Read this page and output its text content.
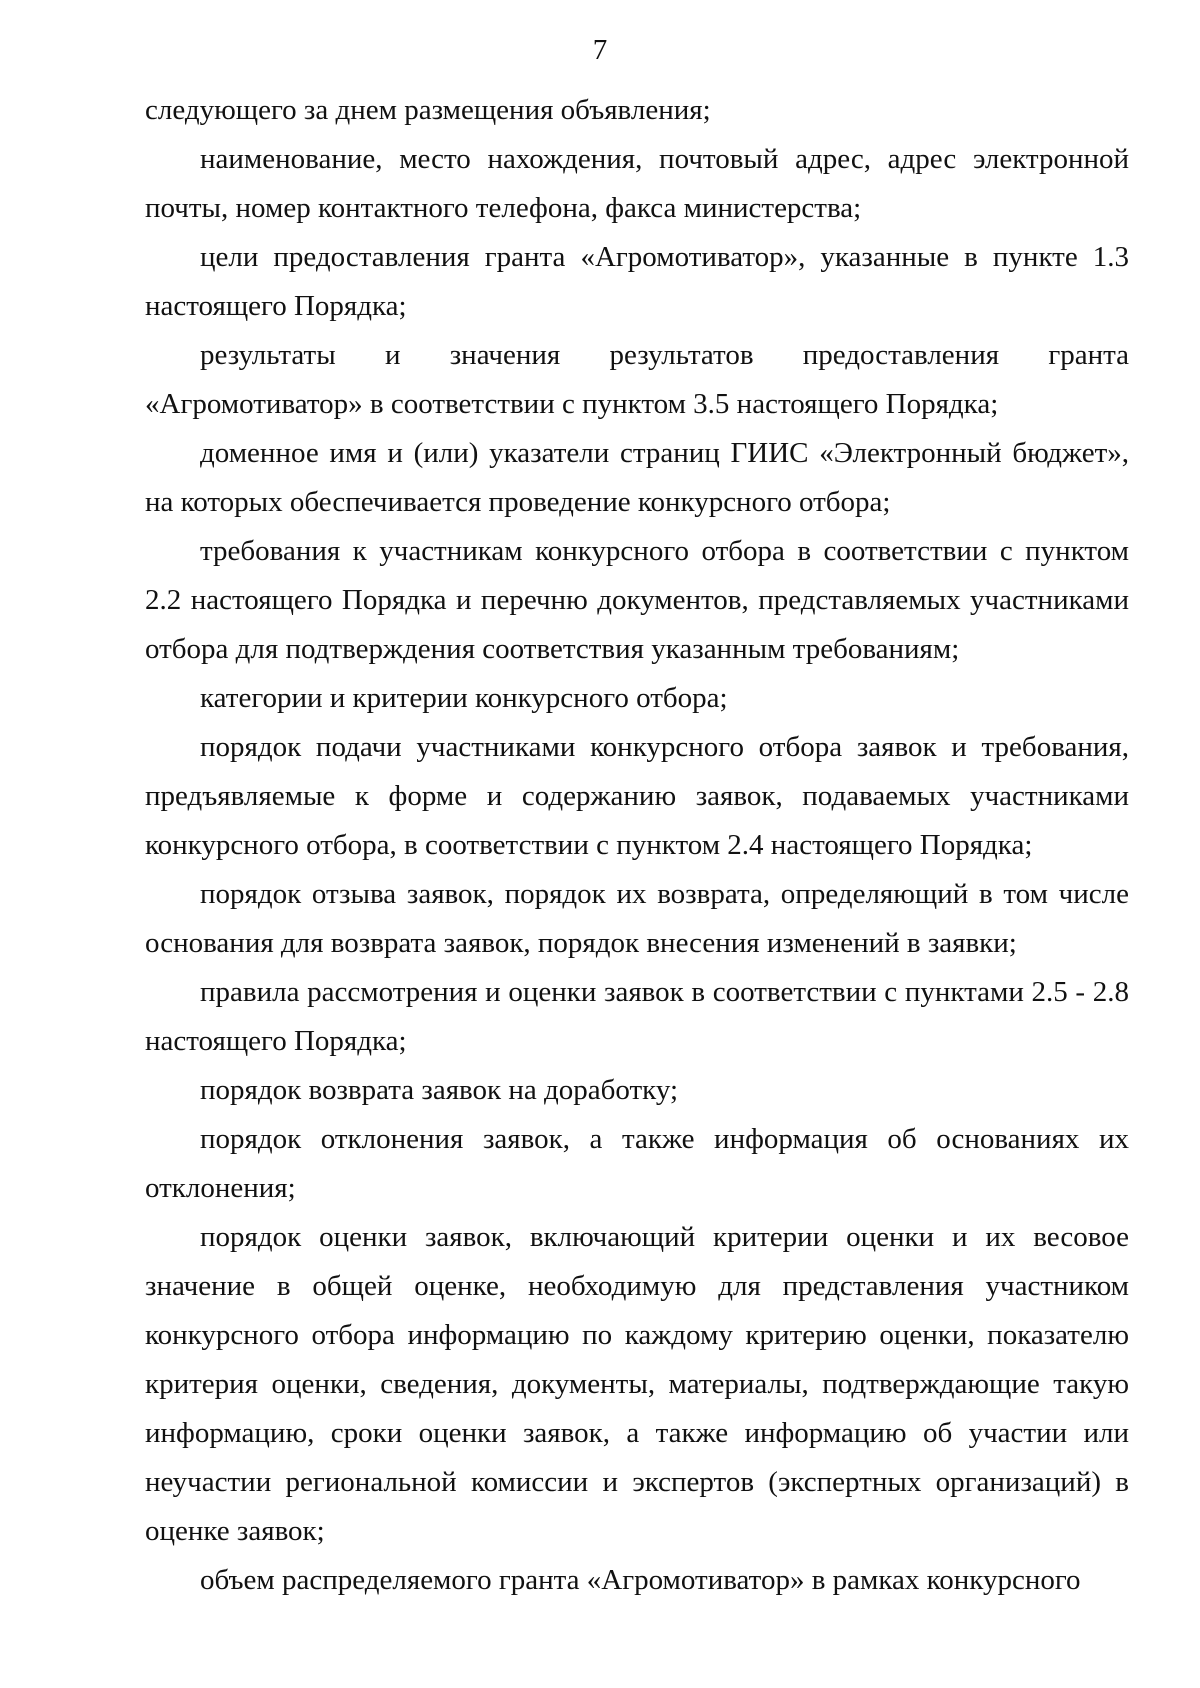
7

следующего за днем размещения объявления;

наименование, место нахождения, почтовый адрес, адрес электронной почты, номер контактного телефона, факса министерства;

цели предоставления гранта «Агромотиватор», указанные в пункте 1.3 настоящего Порядка;

результаты и значения результатов предоставления гранта «Агромотиватор» в соответствии с пунктом 3.5 настоящего Порядка;

доменное имя и (или) указатели страниц ГИИС «Электронный бюджет», на которых обеспечивается проведение конкурсного отбора;

требования к участникам конкурсного отбора в соответствии с пунктом 2.2 настоящего Порядка и перечню документов, представляемых участниками отбора для подтверждения соответствия указанным требованиям;

категории и критерии конкурсного отбора;

порядок подачи участниками конкурсного отбора заявок и требования, предъявляемые к форме и содержанию заявок, подаваемых участниками конкурсного отбора, в соответствии с пунктом 2.4 настоящего Порядка;

порядок отзыва заявок, порядок их возврата, определяющий в том числе основания для возврата заявок, порядок внесения изменений в заявки;

правила рассмотрения и оценки заявок в соответствии с пунктами 2.5 - 2.8 настоящего Порядка;

порядок возврата заявок на доработку;

порядок отклонения заявок, а также информация об основаниях их отклонения;

порядок оценки заявок, включающий критерии оценки и их весовое значение в общей оценке, необходимую для представления участником конкурсного отбора информацию по каждому критерию оценки, показателю критерия оценки, сведения, документы, материалы, подтверждающие такую информацию, сроки оценки заявок, а также информацию об участии или неучастии региональной комиссии и экспертов (экспертных организаций) в оценке заявок;

объем распределяемого гранта «Агромотиватор» в рамках конкурсного
